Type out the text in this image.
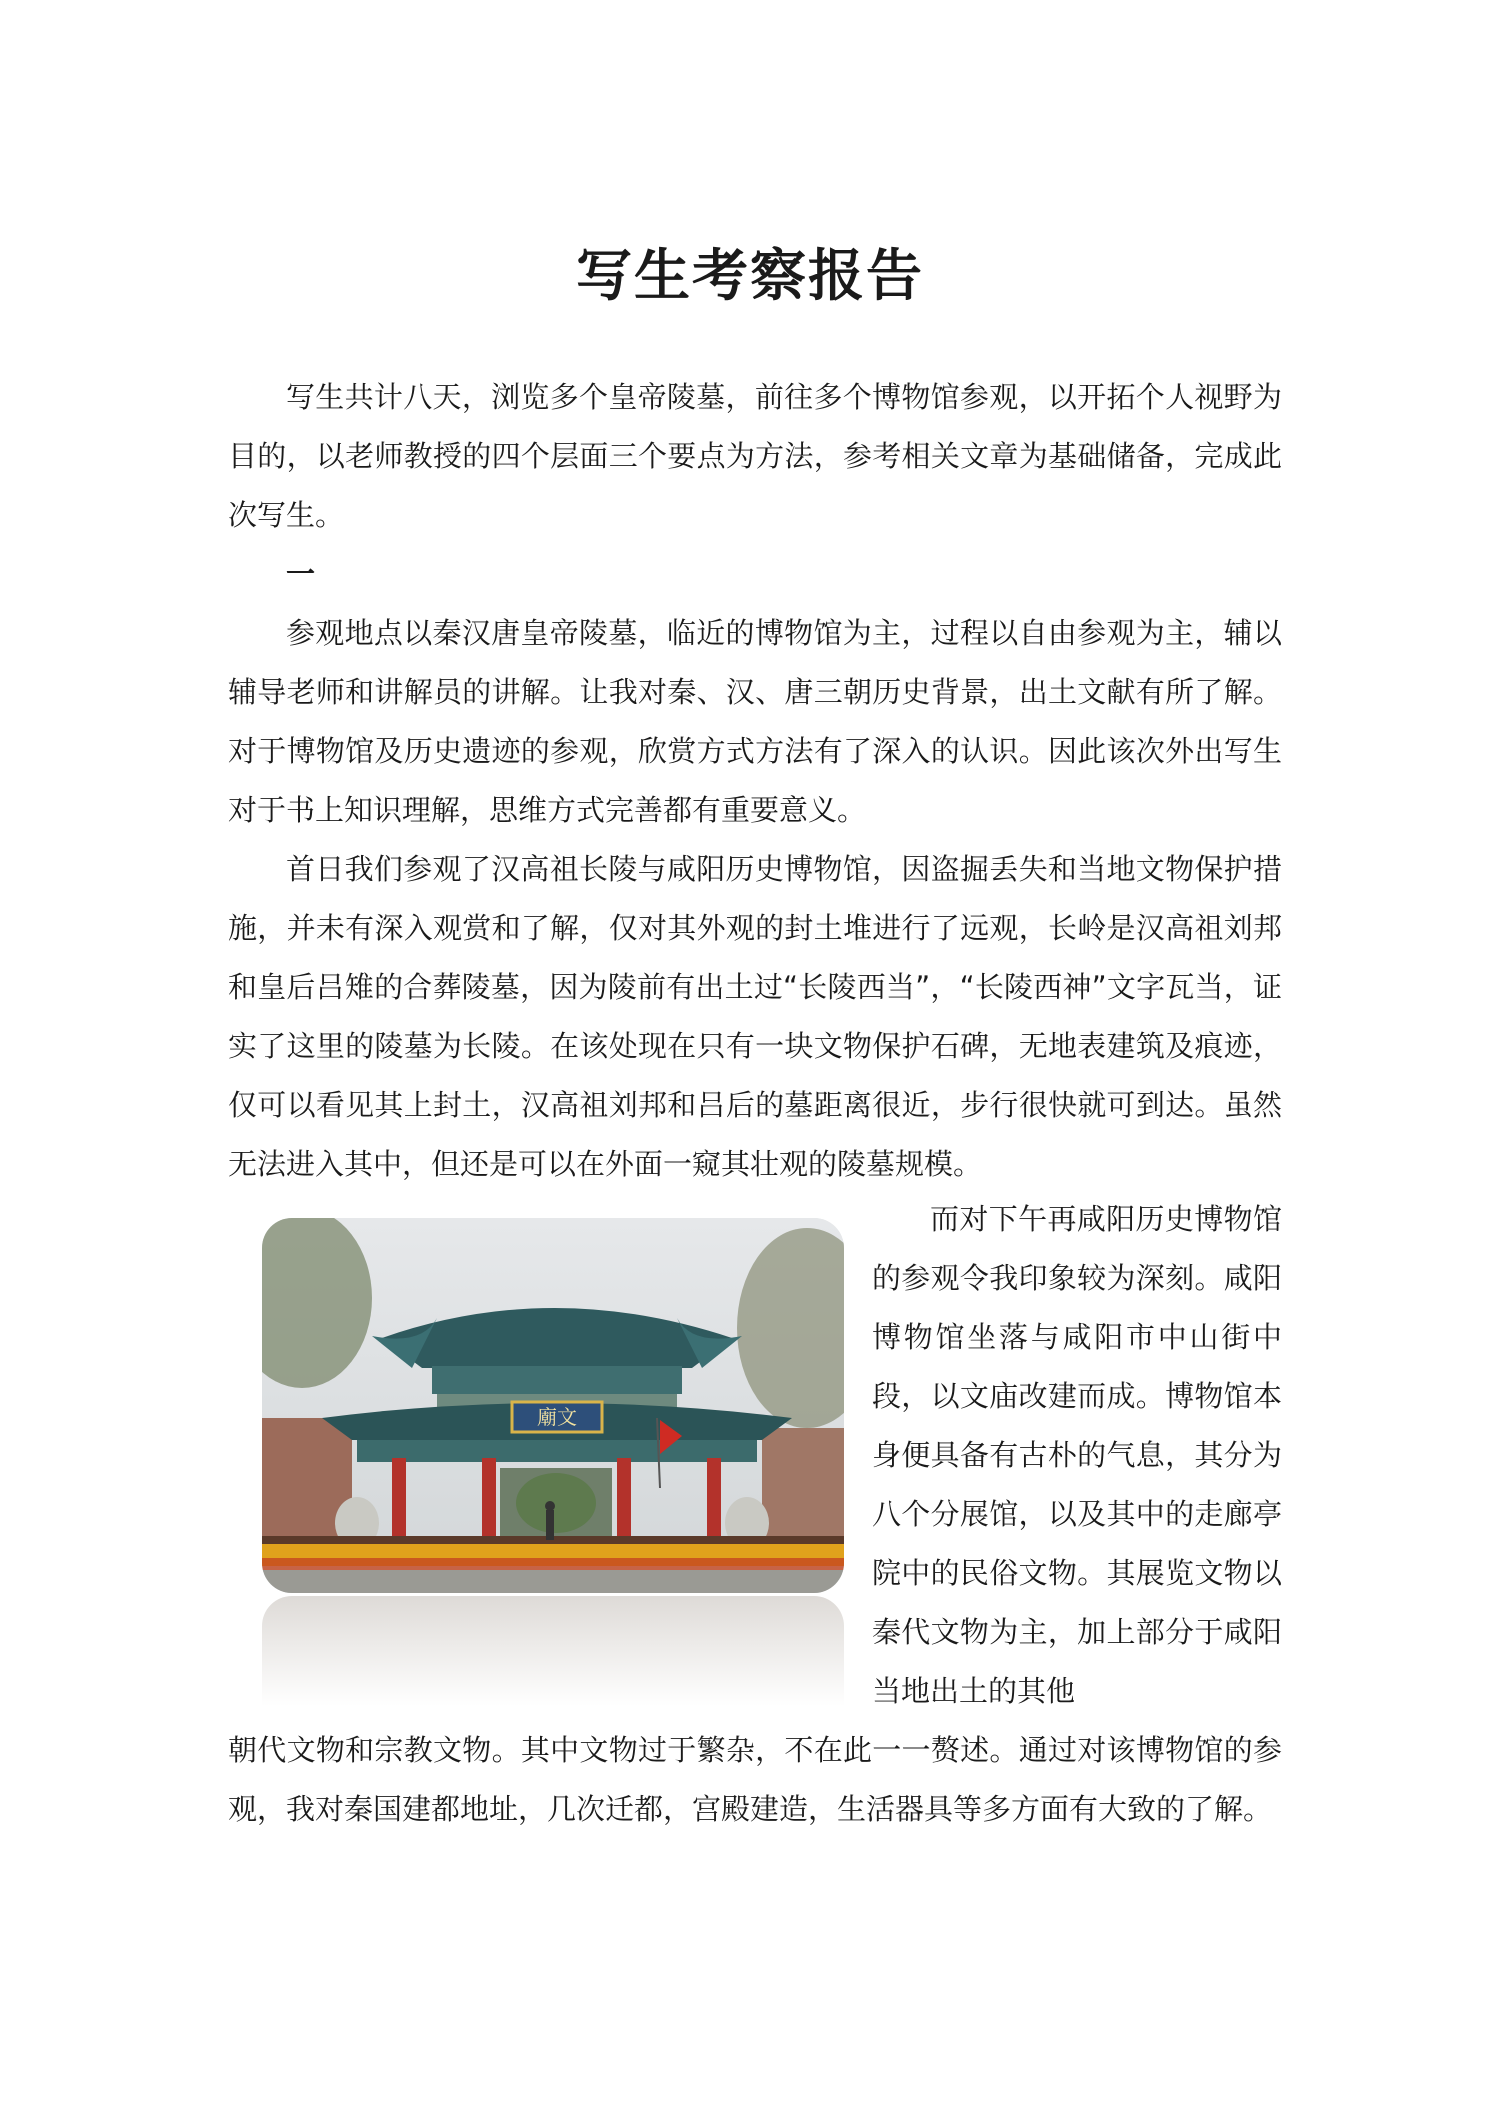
写生考察报告

写生共计八天，浏览多个皇帝陵墓，前往多个博物馆参观，以开拓个人视野为目的，以老师教授的四个层面三个要点为方法，参考相关文章为基础储备，完成此次写生。

一

参观地点以秦汉唐皇帝陵墓，临近的博物馆为主，过程以自由参观为主，辅以辅导老师和讲解员的讲解。让我对秦、汉、唐三朝历史背景，出土文献有所了解。对于博物馆及历史遗迹的参观，欣赏方式方法有了深入的认识。因此该次外出写生对于书上知识理解，思维方式完善都有重要意义。

首日我们参观了汉高祖长陵与咸阳历史博物馆，因盗掘丢失和当地文物保护措施，并未有深入观赏和了解，仅对其外观的封土堆进行了远观，长岭是汉高祖刘邦和皇后吕雉的合葬陵墓，因为陵前有出土过“长陵西当”，“长陵西神”文字瓦当，证实了这里的陵墓为长陵。在该处现在只有一块文物保护石碑，无地表建筑及痕迹，仅可以看见其上封土，汉高祖刘邦和吕后的墓距离很近，步行很快就可到达。虽然无法进入其中，但还是可以在外面一窥其壮观的陵墓规模。

廟文

而对下午再咸阳历史博物馆的参观令我印象较为深刻。咸阳博物馆坐落与咸阳市中山街中段，以文庙改建而成。博物馆本身便具备有古朴的气息，其分为八个分展馆，以及其中的走廊亭院中的民俗文物。其展览文物以秦代文物为主，加上部分于咸阳当地出土的其他

朝代文物和宗教文物。其中文物过于繁杂，不在此一一赘述。通过对该博物馆的参观，我对秦国建都地址，几次迁都，宫殿建造，生活器具等多方面有大致的了解。
